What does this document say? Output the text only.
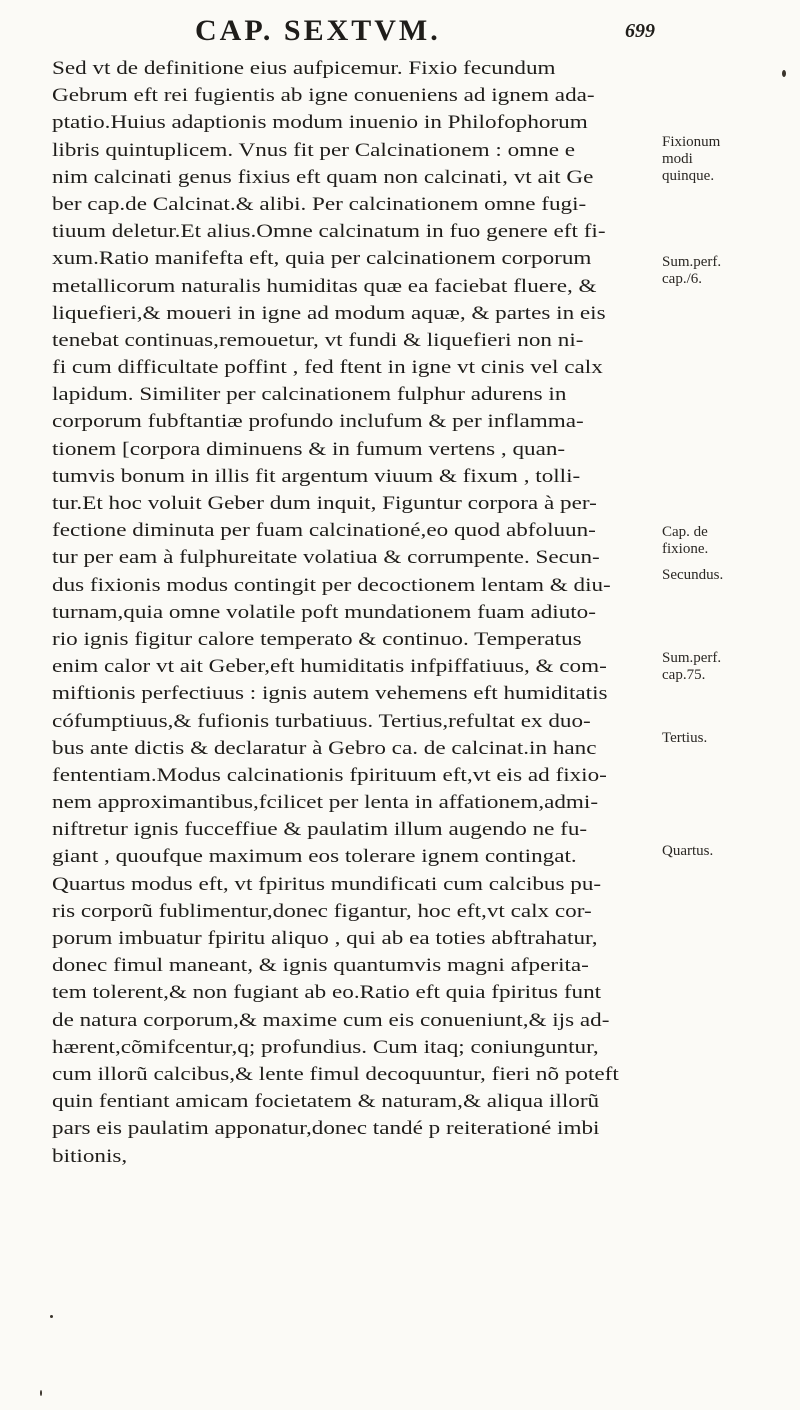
CAP. SEXTVM.	699
Sed vt de definitione eius aufpicemur. Fixio fecundum
Gebrum eft rei fugientis ab igne conueniens ad ignem ada-
ptatio.Huius adaptionis modum inuenio in Philofophorum
libris quintuplicem. Vnus fit per Calcinationem : omne e
nim calcinati genus fixius eft quam non calcinati, vt ait Ge
ber cap.de Calcinat.& alibi. Per calcinationem omne fugi-
tiuum deletur.Et alius.Omne calcinatum in fuo genere eft fi-
xum.Ratio manifefta eft, quia per calcinationem corporum
metallicorum naturalis humiditas quæ ea faciebat fluere, &
liquefieri,& moueri in igne ad modum aquæ, & partes in eis
tenebat continuas,remouetur, vt fundi & liquefieri non ni-
fi cum difficultate poffint , fed ftent in igne vt cinis vel calx
lapidum. Similiter per calcinationem fulphur adurens in
corporum fubftantiæ profundo inclufum & per inflamma-
tionem [corpora diminuens & in fumum vertens , quan-
tumvis bonum in illis fit argentum viuum & fixum , tolli-
tur.Et hoc voluit Geber dum inquit, Figuntur corpora à per-
fectione diminuta per fuam calcinationé,eo quod abfoluun-
tur per eam à fulphureitate volatiua & corrumpente. Secun-
dus fixionis modus contingit per decoctionem lentam & diu-
turnam,quia omne volatile poft mundationem fuam adiuto-
rio ignis figitur calore temperato & continuo. Temperatus
enim calor vt ait Geber,eft humiditatis infpiffatiuus, & com-
miftionis perfectiuus : ignis autem vehemens eft humiditatis
cófumptiuus,& fufionis turbatiuus. Tertius,refultat ex duo-
bus ante dictis & declaratur à Gebro ca. de calcinat.in hanc
fententiam.Modus calcinationis fpirituum eft,vt eis ad fixio-
nem approximantibus,fcilicet per lenta in affationem,admi-
niftretur ignis fucceffiue & paulatim illum augendo ne fu-
giant , quoufque maximum eos tolerare ignem contingat.
Quartus modus eft, vt fpiritus mundificati cum calcibus pu-
ris corporũ fublimentur,donec figantur, hoc eft,vt calx cor-
porum imbuatur fpiritu aliquo , qui ab ea toties abftrahatur,
donec fimul maneant, & ignis quantumvis magni afperita-
tem tolerent,& non fugiant ab eo.Ratio eft quia fpiritus funt
de natura corporum,& maxime cum eis conueniunt,& ijs ad-
hærent,cõmifcentur,q; profundius. Cum itaq; coniunguntur,
cum illorũ calcibus,& lente fimul decoquuntur, fieri nõ poteft
quin fentiant amicam focietatem & naturam,& aliqua illorũ
pars eis paulatim apponatur,donec tandé p reiterationé imbi
bitionis,
Fixionum
modi
quinque.
Sum.perf.
cap./6.
Cap. de
fixione.
Secundus.
Sum.perf.
cap.75.
Tertius.
Quartus.
